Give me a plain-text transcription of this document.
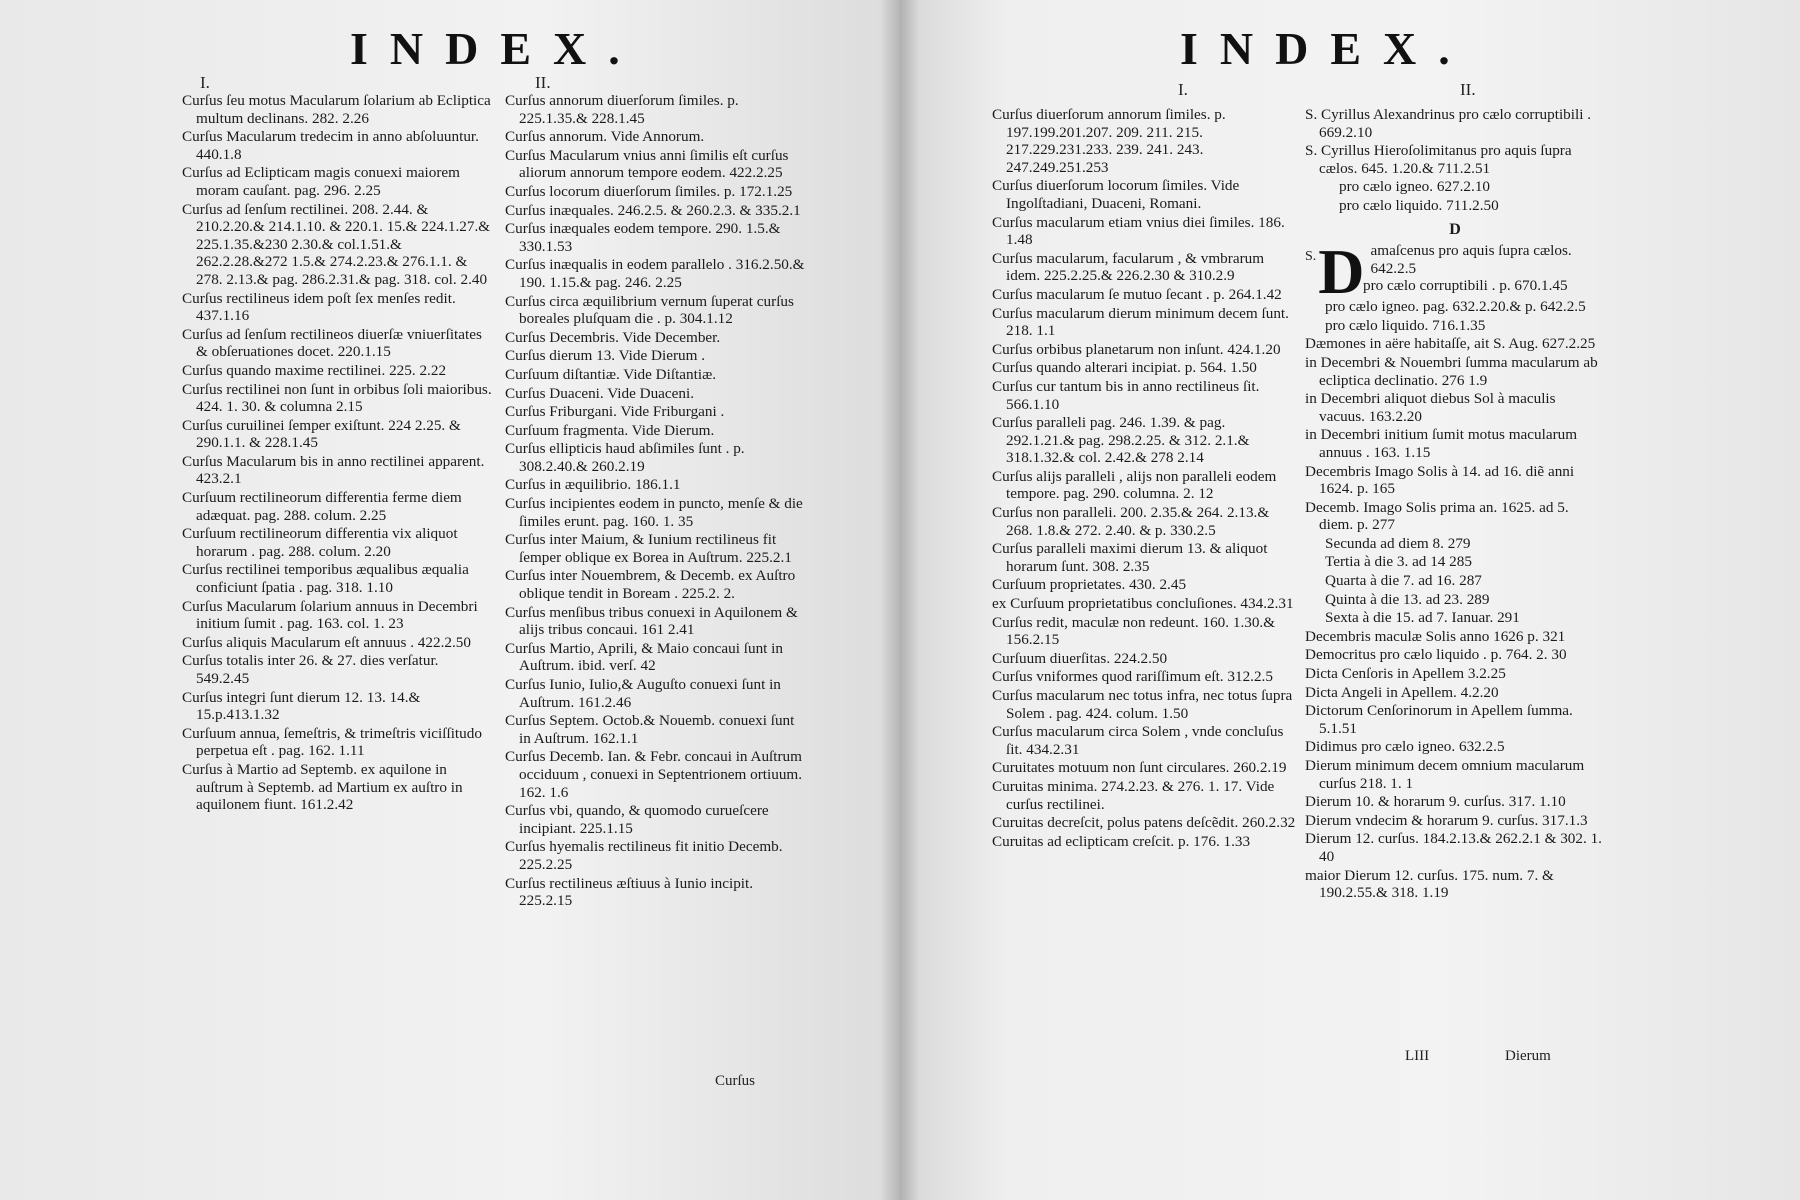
INDEX.
I.	II.

Curſus ſeu motus Macularum ſolarium ab Ecliptica multum declinans. 282. 2.26

Curſus Macularum tredecim in anno abſoluuntur. 440.1.8

Curſus ad Eclipticam magis conuexi maiorem moram cauſant. pag. 296. 2.25

Curſus ad ſenſum rectilinei. 208. 2.44. & 210.2.20.& 214.1.10. & 220.1. 15.& 224.1.27.& 225.1.35.&230 2.30.& col.1.51.& 262.2.28.&272 1.5.& 274.2.23.& 276.1.1. & 278. 2.13.& pag. 286.2.31.& pag. 318. col. 2.40

Curſus rectilineus idem poſt ſex menſes redit. 437.1.16

Curſus ad ſenſum rectilineos diuerſæ vniuerſitates & obſeruationes docet. 220.1.15

Curſus quando maxime rectilinei. 225. 2.22

Curſus rectilinei non ſunt in orbibus ſoli maioribus. 424. 1. 30. & columna 2.15

Curſus curuilinei ſemper exiſtunt. 224 2.25. & 290.1.1. & 228.1.45

Curſus Macularum bis in anno rectilinei apparent. 423.2.1

Curſuum rectilineorum differentia ferme diem adæquat. pag. 288. colum. 2.25

Curſuum rectilineorum differentia vix aliquot horarum . pag. 288. colum. 2.20

Curſus rectilinei temporibus æqualibus æqualia conficiunt ſpatia . pag. 318. 1.10

Curſus Macularum ſolarium annuus in Decembri initium ſumit . pag. 163. col. 1. 23

Curſus aliquis Macularum eſt annuus . 422.2.50

Curſus totalis inter 26. & 27. dies verſatur. 549.2.45

Curſus integri ſunt dierum 12. 13. 14.& 15.p.413.1.32

Curſuum annua, ſemeſtris, & trimeſtris viciſſitudo perpetua eſt . pag. 162. 1.11

Curſus à Martio ad Septemb. ex aquilone in auſtrum à Septemb. ad Martium ex auſtro in aquilonem fiunt. 161.2.42

Curſus annorum diuerſorum ſimiles. p. 225.1.35.& 228.1.45

Curſus annorum. Vide Annorum.

Curſus Macularum vnius anni ſimilis eſt curſus aliorum annorum tempore eodem. 422.2.25

Curſus locorum diuerſorum ſimiles. p. 172.1.25

Curſus inæquales. 246.2.5. & 260.2.3. & 335.2.1

Curſus inæquales eodem tempore. 290. 1.5.& 330.1.53

Curſus inæqualis in eodem parallelo . 316.2.50.& 190. 1.15.& pag. 246. 2.25

Curſus circa æquilibrium vernum ſuperat curſus boreales pluſquam die . p. 304.1.12

Curſus Decembris. Vide December.

Curſus dierum 13. Vide Dierum .

Curſuum diſtantiæ. Vide Diſtantiæ.

Curſus Duaceni. Vide Duaceni.

Curſus Friburgani. Vide Friburgani .

Curſuum fragmenta. Vide Dierum.

Curſus ellipticis haud abſimiles ſunt . p. 308.2.40.& 260.2.19

Curſus in æquilibrio. 186.1.1

Curſus incipientes eodem in puncto, menſe & die ſimiles erunt. pag. 160. 1. 35

Curſus inter Maium, & Iunium rectilineus fit ſemper oblique ex Borea in Auſtrum. 225.2.1

Curſus inter Nouembrem, & Decemb. ex Auſtro oblique tendit in Boream . 225.2. 2.

Curſus menſibus tribus conuexi in Aquilonem & alijs tribus concaui. 161 2.41

Curſus Martio, Aprili, & Maio concaui ſunt in Auſtrum. ibid. verſ. 42

Curſus Iunio, Iulio,& Auguſto conuexi ſunt in Auſtrum. 161.2.46

Curſus Septem. Octob.& Nouemb. conuexi ſunt in Auſtrum. 162.1.1

Curſus Decemb. Ian. & Febr. concaui in Auſtrum occiduum , conuexi in Septentrionem ortiuum. 162. 1.6

Curſus vbi, quando, & quomodo curueſcere incipiant. 225.1.15

Curſus hyemalis rectilineus fit initio Decemb. 225.2.25

Curſus rectilineus æſtiuus à Iunio incipit. 225.2.15

Curſus
INDEX.
I.	II.

Curſus diuerſorum annorum ſimiles. p. 197.199.201.207. 209. 211. 215. 217.229.231.233. 239. 241. 243. 247.249.251.253

Curſus diuerſorum locorum ſimiles. Vide Ingolſtadiani, Duaceni, Romani.

Curſus macularum etiam vnius diei ſimiles. 186. 1.48

Curſus macularum, facularum , & vmbrarum idem. 225.2.25.& 226.2.30 & 310.2.9

Curſus macularum ſe mutuo ſecant . p. 264.1.42

Curſus macularum dierum minimum decem ſunt. 218. 1.1

Curſus orbibus planetarum non inſunt. 424.1.20

Curſus quando alterari incipiat. p. 564. 1.50

Curſus cur tantum bis in anno rectilineus ſit. 566.1.10

Curſus paralleli pag. 246. 1.39. & pag. 292.1.21.& pag. 298.2.25. & 312. 2.1.& 318.1.32.& col. 2.42.& 278 2.14

Curſus alijs paralleli , alijs non paralleli eodem tempore. pag. 290. columna. 2. 12

Curſus non paralleli. 200. 2.35.& 264. 2.13.& 268. 1.8.& 272. 2.40. & p. 330.2.5

Curſus paralleli maximi dierum 13. & aliquot horarum ſunt. 308. 2.35

Curſuum proprietates. 430. 2.45

ex Curſuum proprietatibus concluſiones. 434.2.31

Curſus redit, maculæ non redeunt. 160. 1.30.& 156.2.15

Curſuum diuerſitas. 224.2.50

Curſus vniformes quod rariſſimum eſt. 312.2.5

Curſus macularum nec totus infra, nec totus ſupra Solem . pag. 424. colum. 1.50

Curſus macularum circa Solem , vnde concluſus ſit. 434.2.31

Curuitates motuum non ſunt circulares. 260.2.19

Curuitas minima. 274.2.23. & 276. 1. 17. Vide curſus rectilinei.

Curuitas decreſcit, polus patens deſcẽdit. 260.2.32

Curuitas ad eclipticam creſcit. p. 176. 1.33

S. Cyrillus Alexandrinus pro cælo corruptibili . 669.2.10

S. Cyrillus Hieroſolimitanus pro aquis ſupra cælos. 645. 1.20.& 711.2.51

pro cælo igneo. 627.2.10

pro cælo liquido. 711.2.50

D
S. D amaſcenus pro aquis ſupra cælos. 642.2.5

pro cælo corruptibili . p. 670.1.45

pro cælo igneo. pag. 632.2.20.& p. 642.2.5

pro cælo liquido. 716.1.35

Dæmones in aëre habitaſſe, ait S. Aug. 627.2.25

in Decembri & Nouembri ſumma macularum ab ecliptica declinatio. 276 1.9

in Decembri aliquot diebus Sol à maculis vacuus. 163.2.20

in Decembri initium ſumit motus macularum annuus . 163. 1.15

Decembris Imago Solis à 14. ad 16. diẽ anni 1624. p. 165

Decemb. Imago Solis prima an. 1625. ad 5. diem. p. 277

Secunda ad diem 8. 279

Tertia à die 3. ad 14 285

Quarta à die 7. ad 16. 287

Quinta à die 13. ad 23. 289

Sexta à die 15. ad 7. Ianuar. 291

Decembris maculæ Solis anno 1626 p. 321

Democritus pro cælo liquido . p. 764. 2. 30

Dicta Cenſoris in Apellem 3.2.25

Dicta Angeli in Apellem. 4.2.20

Dictorum Cenſorinorum in Apellem ſumma. 5.1.51

Didimus pro cælo igneo. 632.2.5

Dierum minimum decem omnium macularum curſus 218. 1. 1

Dierum 10. & horarum 9. curſus. 317. 1.10

Dierum vndecim & horarum 9. curſus. 317.1.3

Dierum 12. curſus. 184.2.13.& 262.2.1 & 302. 1. 40

maior Dierum 12. curſus. 175. num. 7. & 190.2.55.& 318. 1.19

LIII	Dierum
